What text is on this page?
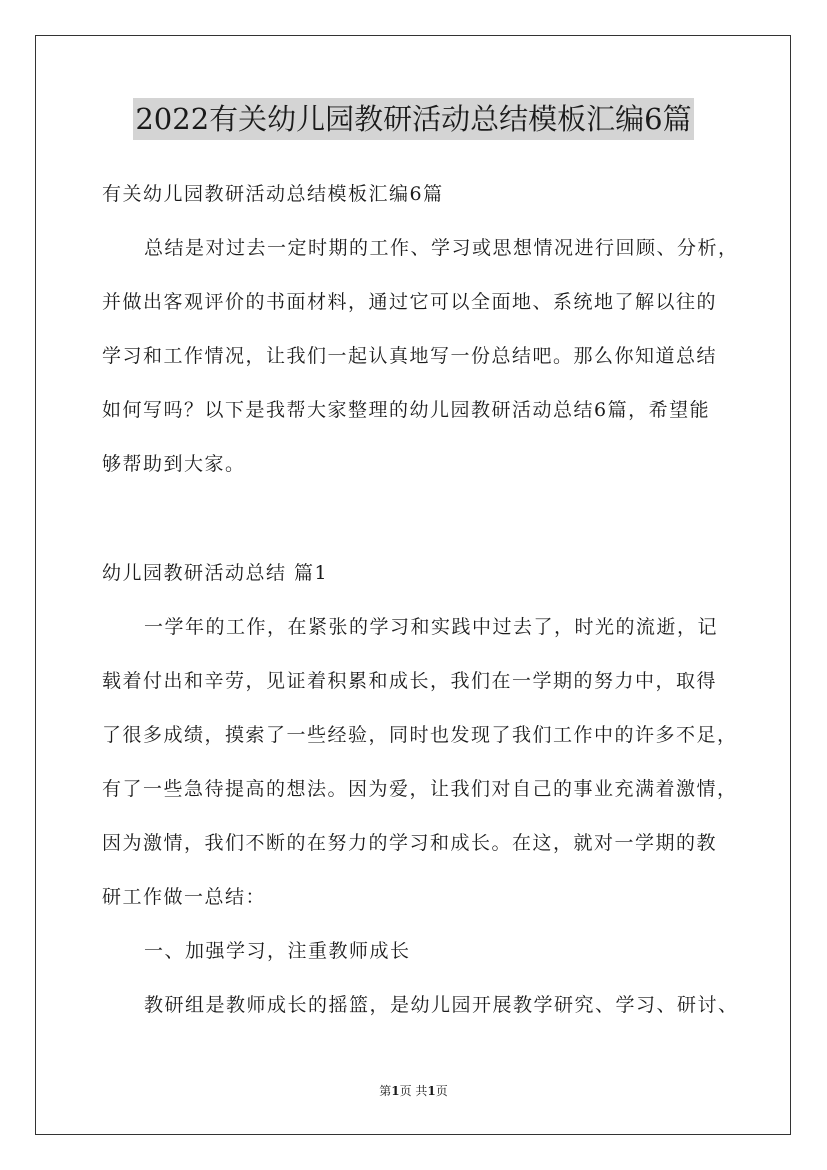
2022有关幼儿园教研活动总结模板汇编6篇
有关幼儿园教研活动总结模板汇编6篇
总结是对过去一定时期的工作、学习或思想情况进行回顾、分析，
并做出客观评价的书面材料，通过它可以全面地、系统地了解以往的
学习和工作情况，让我们一起认真地写一份总结吧。那么你知道总结
如何写吗？以下是我帮大家整理的幼儿园教研活动总结6篇，希望能
够帮助到大家。
幼儿园教研活动总结 篇1
一学年的工作，在紧张的学习和实践中过去了，时光的流逝，记
载着付出和辛劳，见证着积累和成长，我们在一学期的努力中，取得
了很多成绩，摸索了一些经验，同时也发现了我们工作中的许多不足，
有了一些急待提高的想法。因为爱，让我们对自己的事业充满着激情，
因为激情，我们不断的在努力的学习和成长。在这，就对一学期的教
研工作做一总结：
一、加强学习，注重教师成长
教研组是教师成长的摇篮，是幼儿园开展教学研究、学习、研讨、
第1页 共1页
